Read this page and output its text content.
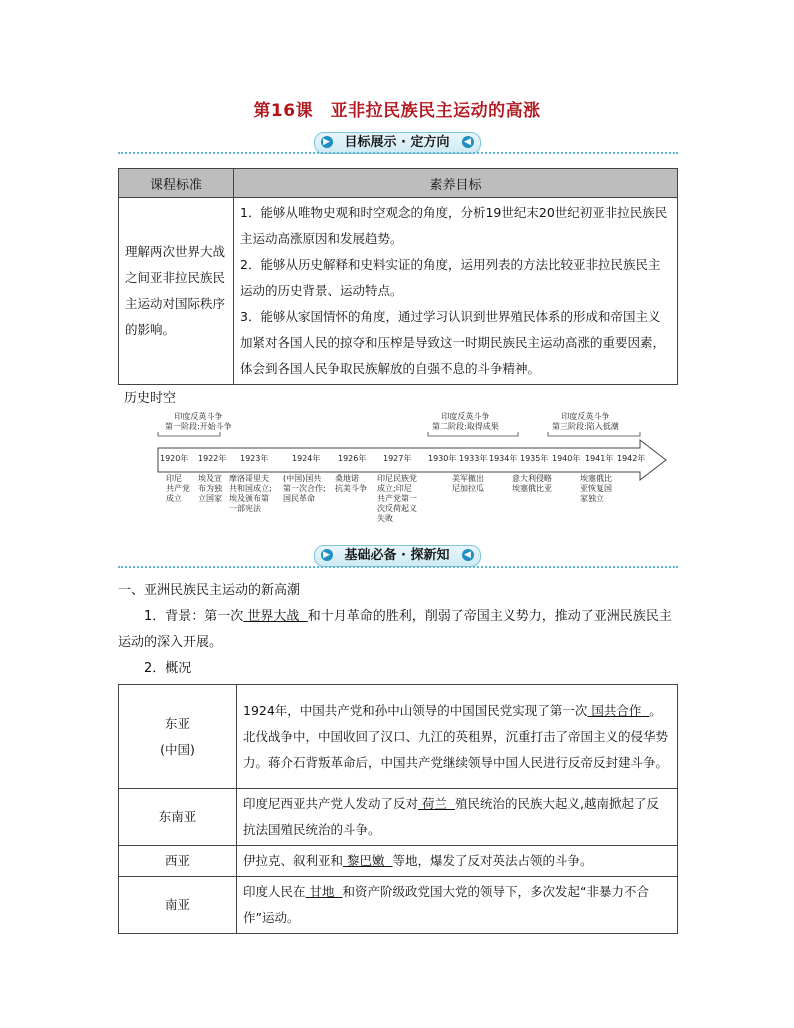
第16课　亚非拉民族民主运动的高涨
▶ 目标展示 · 定方向 ◀
课程标准	素养目标
理解两次世界大战之间亚非拉民族民主运动对国际秩序的影响。	1．能够从唯物史观和时空观念的角度，分析19世纪末20世纪初亚非拉民族民主运动高涨原因和发展趋势。
2．能够从历史解释和史料实证的角度，运用列表的方法比较亚非拉民族民主运动的历史背景、运动特点。
3．能够从家国情怀的角度，通过学习认识到世界殖民体系的形成和帝国主义加紧对各国人民的掠夺和压榨是导致这一时期民族民主运动高涨的重要因素，体会到各国人民争取民族解放的自强不息的斗争精神。
历史时空
印度反英斗争
第一阶段:开始斗争
印度反英斗争
第二阶段:取得成果
印度反英斗争
第三阶段:陷入低潮
1920年 1922年 1923年	1924年 1926年 1927年 1930年 1933年 1934年 1935年 1940年 1941年 1942年
印尼
共产党
成立
埃及宣
布为独
立国家
摩洛哥里夫
共和国成立;
埃及颁布第
一部宪法
(中国)国共
第一次合作;
国民革命
桑地诺
抗美斗争
印尼民族党
成立;印尼
共产党第一
次反荷起义
失败
美军撤出
尼加拉瓜
意大利侵略
埃塞俄比亚
埃塞俄比
亚恢复国
家独立
▶ 基础必备 · 探新知 ◀
一、亚洲民族民主运动的新高潮
1．背景：第一次 世界大战 和十月革命的胜利，削弱了帝国主义势力，推动了亚洲民族民主运动的深入开展。
2．概况
东亚
(中国)	1924年，中国共产党和孙中山领导的中国国民党实现了第一次 国共合作 。北伐战争中，中国收回了汉口、九江的英租界，沉重打击了帝国主义的侵华势力。蒋介石背叛革命后，中国共产党继续领导中国人民进行反帝反封建斗争。
东南亚	印度尼西亚共产党人发动了反对 荷兰 殖民统治的民族大起义,越南掀起了反抗法国殖民统治的斗争。
西亚	伊拉克、叙利亚和 黎巴嫩 等地，爆发了反对英法占领的斗争。
南亚	印度人民在 甘地 和资产阶级政党国大党的领导下，多次发起“非暴力不合作”运动。
